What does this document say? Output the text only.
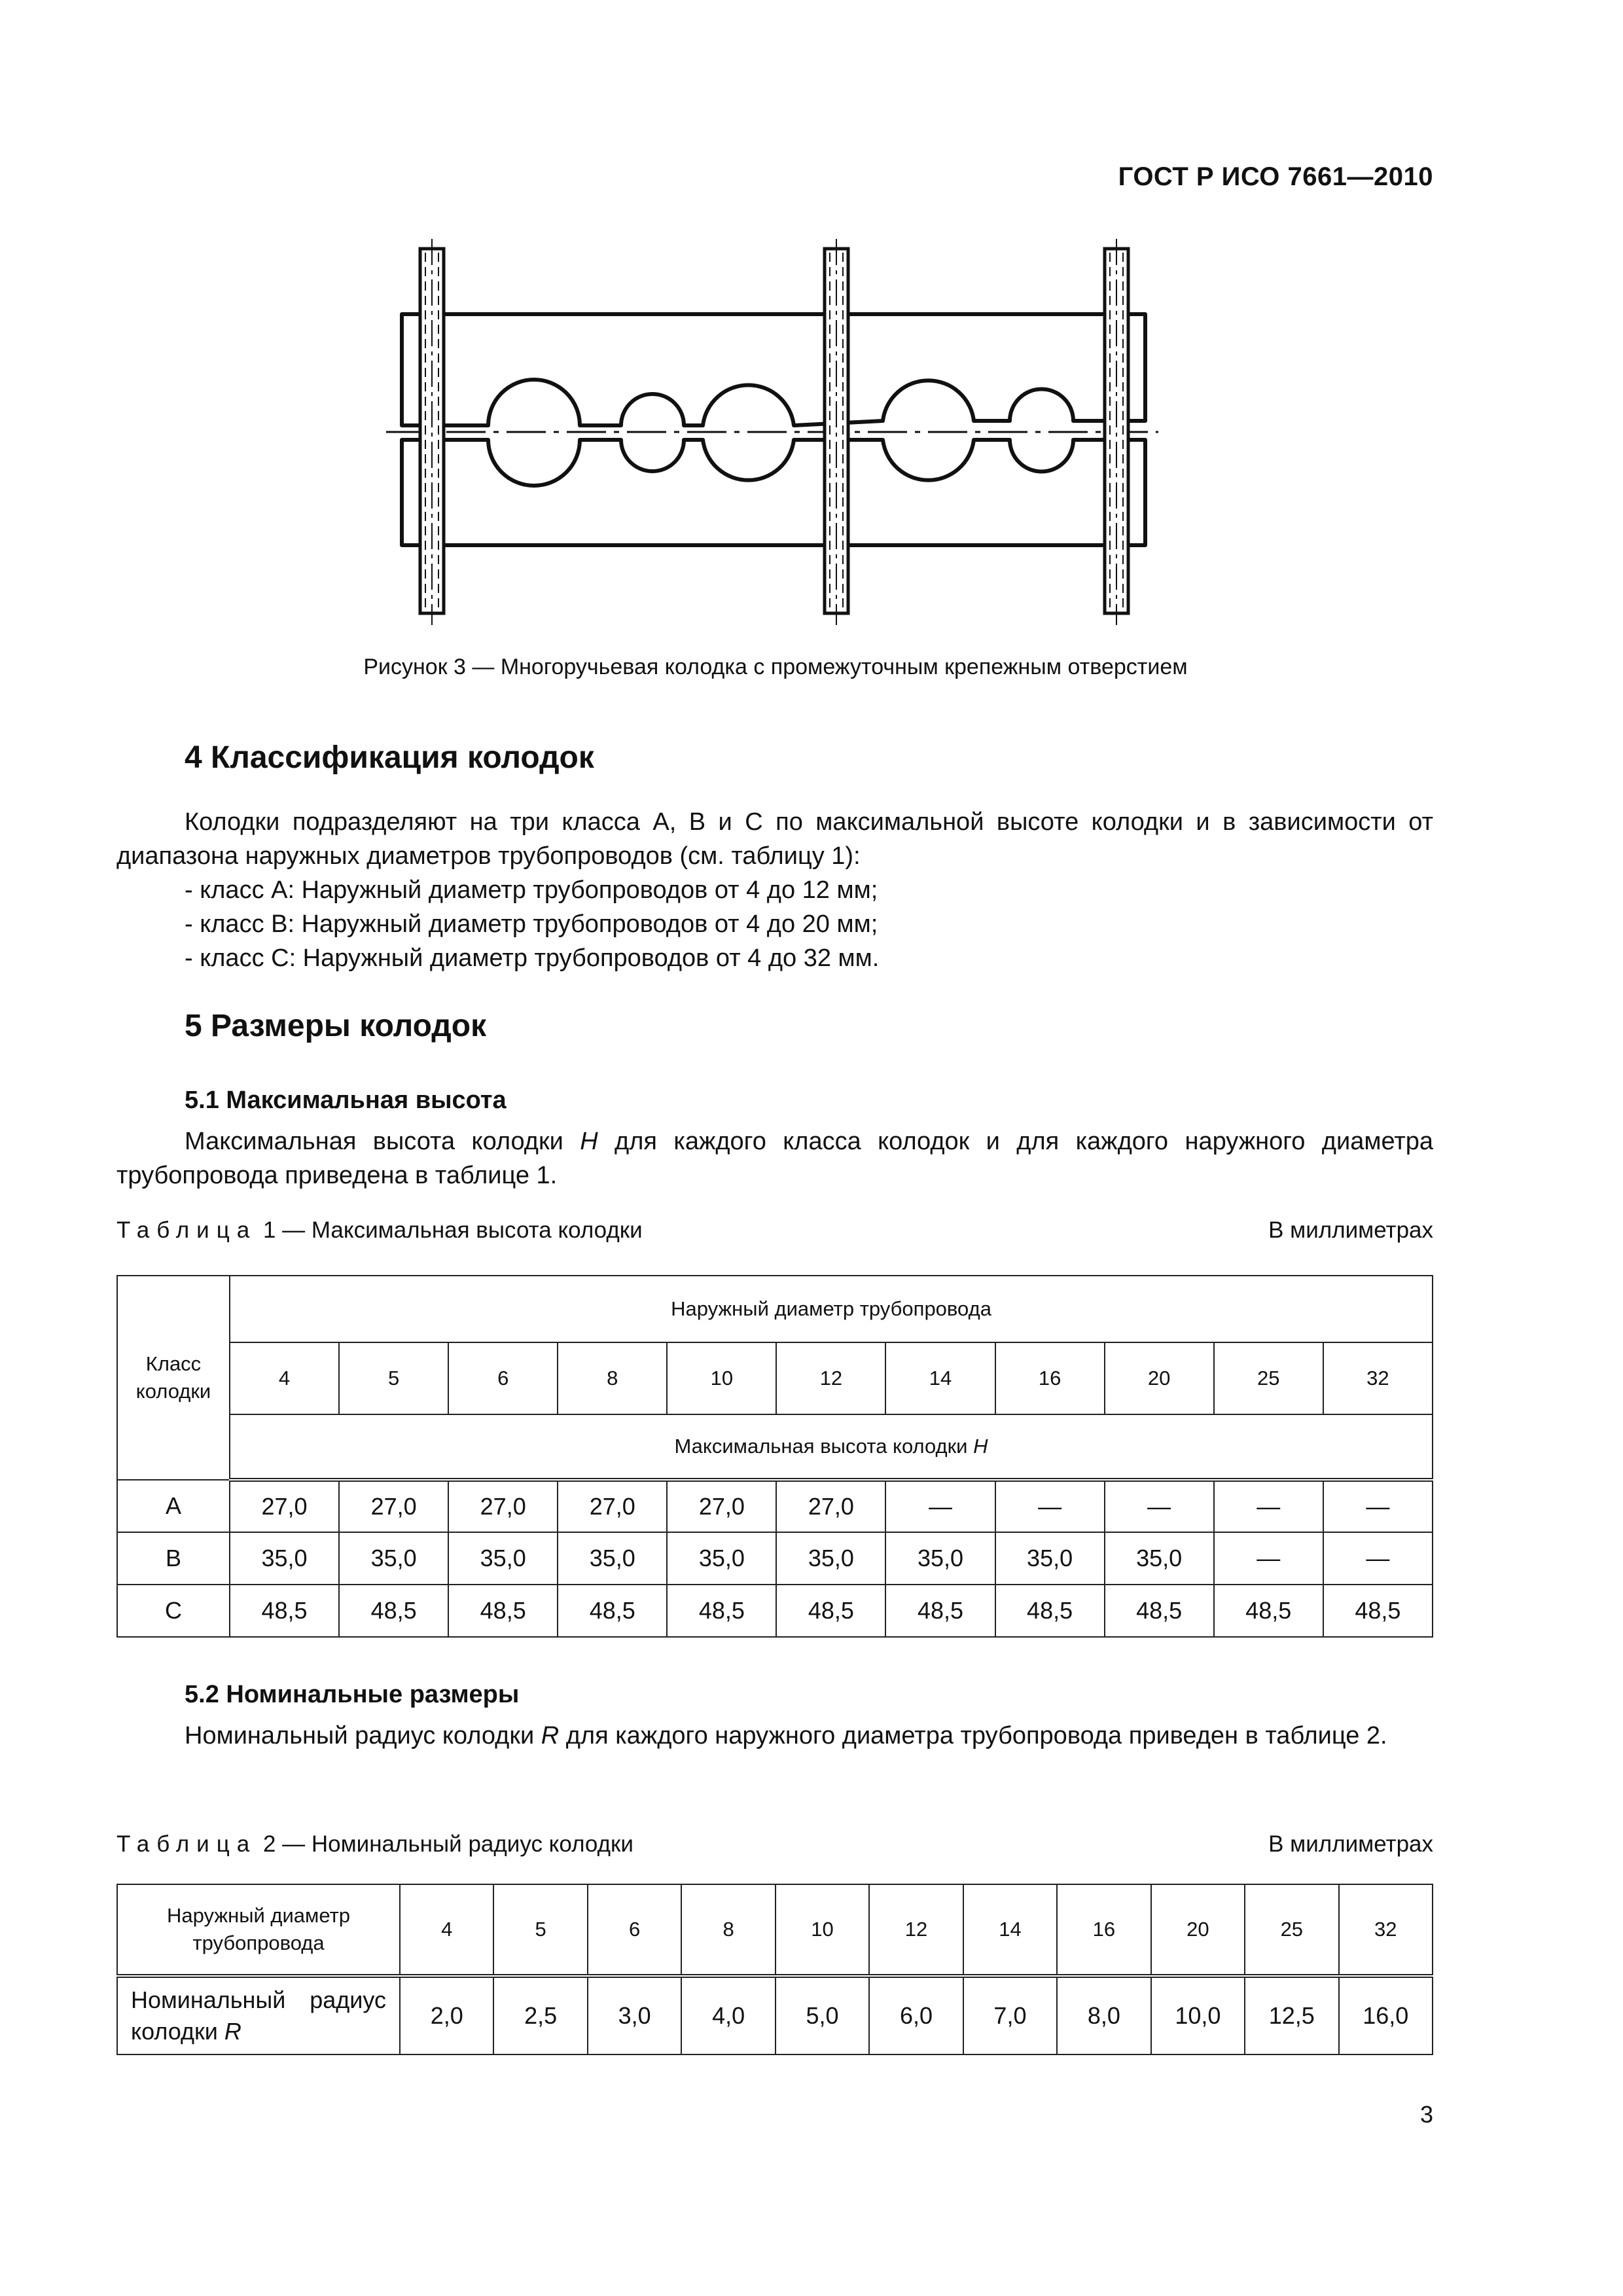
ГОСТ Р ИСО 7661—2010
Рисунок 3 — Многоручьевая колодка с промежуточным крепежным отверстием
4 Классификация колодок
Колодки подразделяют на три класса А, В и С по максимальной высоте колодки и в зависимости от диапазона наружных диаметров трубопроводов (см. таблицу 1):
- класс А: Наружный диаметр трубопроводов от 4 до 12 мм;
- класс В: Наружный диаметр трубопроводов от 4 до 20 мм;
- класс С: Наружный диаметр трубопроводов от 4 до 32 мм.
5 Размеры колодок
5.1 Максимальная высота
Максимальная высота колодки H для каждого класса колодок и для каждого наружного диаметра трубопровода приведена в таблице 1.
Таблица 1 — Максимальная высота колодки	В миллиметрах
Класс колодки	Наружный диаметр трубопровода										
	4	5	6	8	10	12	14	16	20	25	32
	Максимальная высота колодки H										
А	27,0	27,0	27,0	27,0	27,0	27,0	—	—	—	—	—
В	35,0	35,0	35,0	35,0	35,0	35,0	35,0	35,0	35,0	—	—
С	48,5	48,5	48,5	48,5	48,5	48,5	48,5	48,5	48,5	48,5	48,5
5.2 Номинальные размеры
Номинальный радиус колодки R для каждого наружного диаметра трубопровода приведен в таблице 2.
Таблица 2 — Номинальный радиус колодки	В миллиметрах
Наружный диаметр трубопровода	4	5	6	8	10	12	14	16	20	25	32
Номинальный радиус колодки R	2,0	2,5	3,0	4,0	5,0	6,0	7,0	8,0	10,0	12,5	16,0
3
